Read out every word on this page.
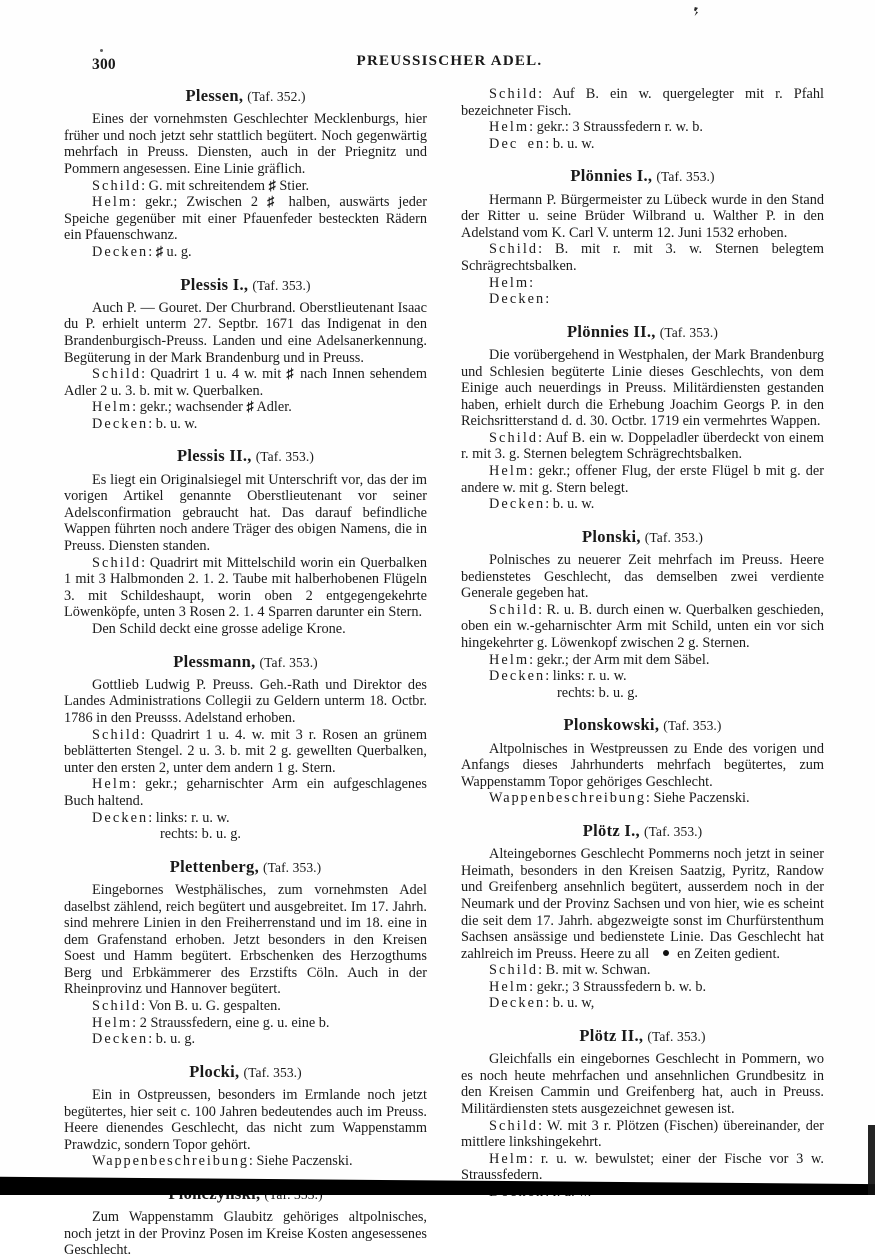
300	PREUSSISCHER ADEL.
Plessen, (Taf. 352.)

Eines der vornehmsten Geschlechter Mecklenburgs, hier früher und noch jetzt sehr stattlich begütert. Noch gegenwärtig mehrfach in Preuss. Diensten, auch in der Priegnitz und Pommern angesessen. Eine Linie gräflich.

Schild: G. mit schreitendem ♯ Stier.

Helm: gekr.; Zwischen 2 ♯ halben, auswärts jeder Speiche gegenüber mit einer Pfauenfeder besteckten Rädern ein Pfauenschwanz.

Decken: ♯ u. g.

Plessis I., (Taf. 353.)

Auch P. — Gouret. Der Churbrand. Oberstlieutenant Isaac du P. erhielt unterm 27. Septbr. 1671 das Indigenat in den Brandenburgisch-Preuss. Landen und eine Adelsanerkennung. Begüterung in der Mark Brandenburg und in Preuss.

Schild: Quadrirt 1 u. 4 w. mit ♯ nach Innen sehendem Adler 2 u. 3. b. mit w. Querbalken.

Helm: gekr.; wachsender ♯ Adler.

Decken: b. u. w.

Plessis II., (Taf. 353.)

Es liegt ein Originalsiegel mit Unterschrift vor, das der im vorigen Artikel genannte Oberstlieutenant vor seiner Adelsconfirmation gebraucht hat. Das darauf befindliche Wappen führten noch andere Träger des obigen Namens, die in Preuss. Diensten standen.

Schild: Quadrirt mit Mittelschild worin ein Querbalken 1 mit 3 Halbmonden 2. 1. 2. Taube mit halberhobenen Flügeln 3. mit Schildeshaupt, worin oben 2 entgegengekehrte Löwenköpfe, unten 3 Rosen 2. 1. 4 Sparren darunter ein Stern.

Den Schild deckt eine grosse adelige Krone.

Plessmann, (Taf. 353.)

Gottlieb Ludwig P. Preuss. Geh.-Rath und Direktor des Landes Administrations Collegii zu Geldern unterm 18. Octbr. 1786 in den Preusss. Adelstand erhoben.

Schild: Quadrirt 1 u. 4. w. mit 3 r. Rosen an grünem beblätterten Stengel. 2 u. 3. b. mit 2 g. gewellten Querbalken, unter den ersten 2, unter dem andern 1 g. Stern.

Helm: gekr.; geharnischter Arm ein aufgeschlagenes Buch haltend.

Decken: links: r. u. w.

rechts: b. u. g.

Plettenberg, (Taf. 353.)

Eingebornes Westphälisches, zum vornehmsten Adel daselbst zählend, reich begütert und ausgebreitet. Im 17. Jahrh. sind mehrere Linien in den Freiherrenstand und im 18. eine in dem Grafenstand erhoben. Jetzt besonders in den Kreisen Soest und Hamm begütert. Erbschenken des Herzogthums Berg und Erbkämmerer des Erzstifts Cöln. Auch in der Rheinprovinz und Hannover begütert.

Schild: Von B. u. G. gespalten.

Helm: 2 Straussfedern, eine g. u. eine b.

Decken: b. u. g.

Plocki, (Taf. 353.)

Ein in Ostpreussen, besonders im Ermlande noch jetzt begütertes, hier seit c. 100 Jahren bedeutendes auch im Preuss. Heere dienendes Geschlecht, das nicht zum Wappenstamm Prawdzic, sondern Topor gehört.

Wappenbeschreibung: Siehe Paczenski.

Zum Wappenstamm Glaubitz gehöriges altpolnisches, noch jetzt in der Provinz Posen im Kreise Kosten angesessenes Geschlecht.

Schild: Auf B. ein w. quergelegter mit r. Pfahl bezeichneter Fisch.

Helm: gekr.: 3 Straussfedern r. w. b.

Decken: b. u. w.

Plönnies I., (Taf. 353.)

Hermann P. Bürgermeister zu Lübeck wurde in den Stand der Ritter u. seine Brüder Wilbrand u. Walther P. in den Adelstand vom K. Carl V. unterm 12. Juni 1532 erhoben.

Schild: B. mit r. mit 3. w. Sternen belegtem Schrägrechtsbalken.

Helm:

Decken:

Plönnies II., (Taf. 353.)

Die vorübergehend in Westphalen, der Mark Brandenburg und Schlesien begüterte Linie dieses Geschlechts, von dem Einige auch neuerdings in Preuss. Militärdiensten gestanden haben, erhielt durch die Erhebung Joachim Georgs P. in den Reichsritterstand d. d. 30. Octbr. 1719 ein vermehrtes Wappen.

Schild: Auf B. ein w. Doppeladler überdeckt von einem r. mit 3. g. Sternen belegtem Schrägrechtsbalken.

Helm: gekr.; offener Flug, der erste Flügel b mit g. der andere w. mit g. Stern belegt.

Decken: b. u. w.

Plonski, (Taf. 353.)

Polnisches zu neuerer Zeit mehrfach im Preuss. Heere bedienstetes Geschlecht, das demselben zwei verdiente Generale gegeben hat.

Schild: R. u. B. durch einen w. Querbalken geschieden, oben ein w.-geharnischter Arm mit Schild, unten ein vor sich hingekehrter g. Löwenkopf zwischen 2 g. Sternen.

Helm: gekr.; der Arm mit dem Säbel.

Decken: links: r. u. w.

rechts: b. u. g.

Plonskowski, (Taf. 353.)

Altpolnisches in Westpreussen zu Ende des vorigen und Anfangs dieses Jahrhunderts mehrfach begütertes, zum Wappenstamm Topor gehöriges Geschlecht.

Wappenbeschreibung: Siehe Paczenski.

Plötz I., (Taf. 353.)

Alteingebornes Geschlecht Pommerns noch jetzt in seiner Heimath, besonders in den Kreisen Saatzig, Pyritz, Randow und Greifenberg ansehnlich begütert, ausserdem noch in der Neumark und der Provinz Sachsen und von hier, wie es scheint die seit dem 17. Jahrh. abgezweigte sonst im Churfürstenthum Sachsen ansässige und bedienstete Linie. Das Geschlecht hat zahlreich im Preuss. Heere zu all en Zeiten gedient.

Schild: B. mit w. Schwan.

Helm: gekr.; 3 Straussfedern b. w. b.

Decken: b. u. w,

Plötz II., (Taf. 353.)

Gleichfalls ein eingebornes Geschlecht in Pommern, wo es noch heute mehrfachen und ansehnlichen Grundbesitz in den Kreisen Cammin und Greifenberg hat, auch in Preuss. Militärdiensten stets ausgezeichnet gewesen ist.

Schild: W. mit 3 r. Plötzen (Fischen) übereinander, der mittlere linkshingekehrt.

Helm: r. u. w. bewulstet; einer der Fische vor 3 w. Straussfedern.
